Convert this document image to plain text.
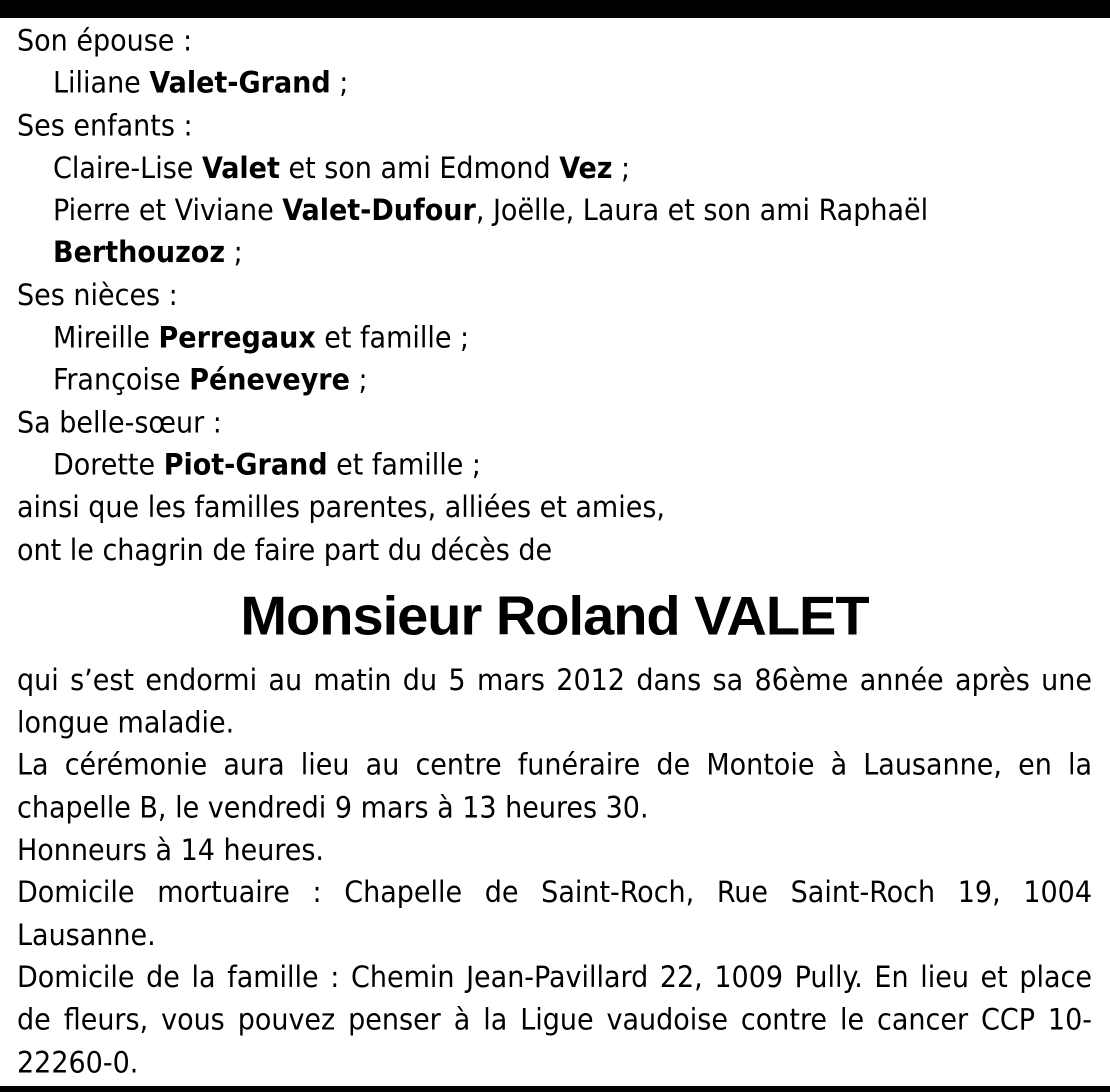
Son épouse :
Liliane Valet-Grand ;
Ses enfants :
Claire-Lise Valet et son ami Edmond Vez ;
Pierre et Viviane Valet-Dufour, Joëlle, Laura et son ami Raphaël
Berthouzoz ;
Ses nièces :
Mireille Perregaux et famille ;
Françoise Péneveyre ;
Sa belle-sœur :
Dorette Piot-Grand et famille ;
ainsi que les familles parentes, alliées et amies,
ont le chagrin de faire part du décès de
Monsieur Roland VALET
qui s’est endormi au matin du 5 mars 2012 dans sa 86ème année après une longue maladie.
La cérémonie aura lieu au centre funéraire de Montoie à Lausanne, en la chapelle B, le vendredi 9 mars à 13 heures 30.
Honneurs à 14 heures.
Domicile mortuaire : Chapelle de Saint-Roch, Rue Saint-Roch 19, 1004 Lausanne.
Domicile de la famille : Chemin Jean-Pavillard 22, 1009 Pully. En lieu et place de fleurs, vous pouvez penser à la Ligue vaudoise contre le cancer CCP 10-22260-0.
